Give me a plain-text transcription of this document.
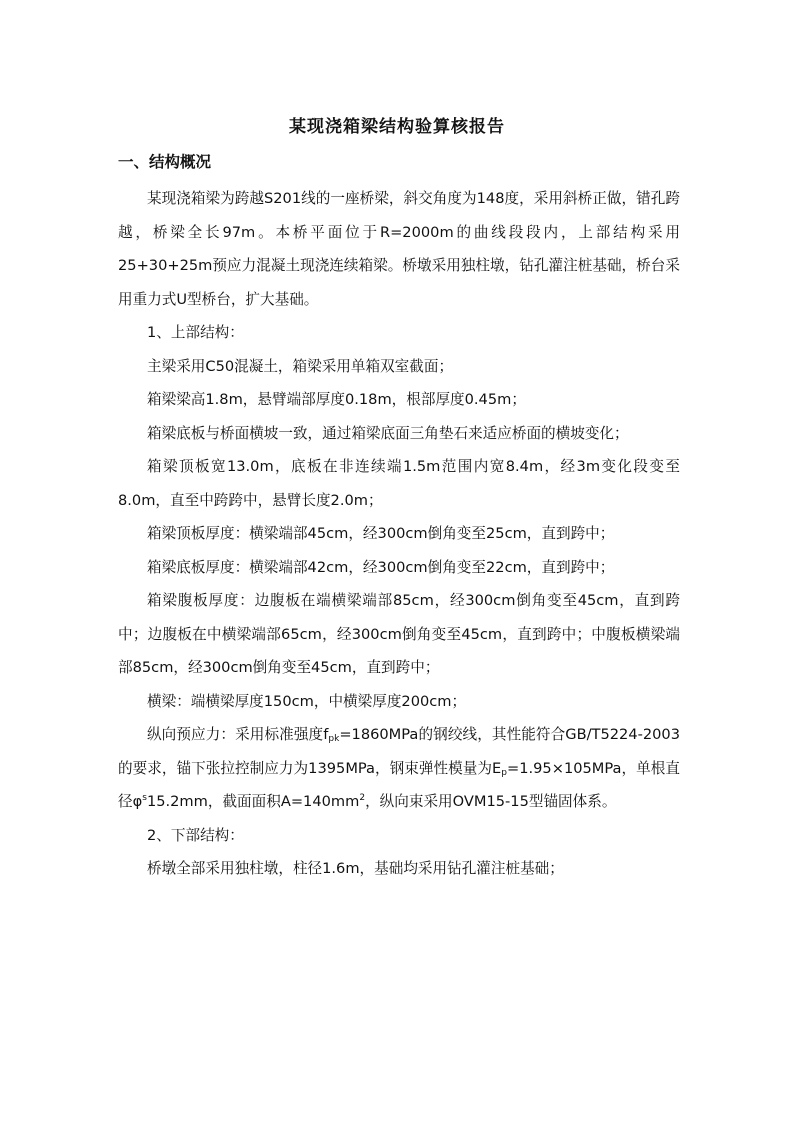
某现浇箱梁结构验算核报告
一、结构概况

某现浇箱梁为跨越S201线的一座桥梁，斜交角度为148度，采用斜桥正做，错孔跨越，桥梁全长97m。本桥平面位于R=2000m的曲线段段内，上部结构采用25+30+25m预应力混凝土现浇连续箱梁。桥墩采用独柱墩，钻孔灌注桩基础，桥台采用重力式U型桥台，扩大基础。

1、上部结构：

主梁采用C50混凝土，箱梁采用单箱双室截面；

箱梁梁高1.8m，悬臂端部厚度0.18m，根部厚度0.45m；

箱梁底板与桥面横坡一致，通过箱梁底面三角垫石来适应桥面的横坡变化；

箱梁顶板宽13.0m，底板在非连续端1.5m范围内宽8.4m，经3m变化段变至8.0m，直至中跨跨中，悬臂长度2.0m；

箱梁顶板厚度：横梁端部45cm，经300cm倒角变至25cm，直到跨中；

箱梁底板厚度：横梁端部42cm，经300cm倒角变至22cm，直到跨中；

箱梁腹板厚度：边腹板在端横梁端部85cm，经300cm倒角变至45cm，直到跨中；边腹板在中横梁端部65cm，经300cm倒角变至45cm，直到跨中；中腹板横梁端部85cm，经300cm倒角变至45cm，直到跨中；

横梁：端横梁厚度150cm，中横梁厚度200cm；

纵向预应力：采用标准强度$f_{pk}=1860MPa$的钢绞线，其性能符合GB/T5224-2003的要求，锚下张拉控制应力为1395MPa，钢束弹性模量为$E_p=1.95\times 105MPa$，单根直径$\varphi^s15.2mm$，截面面积$A=140mm^2$，纵向束采用OVM15-15型锚固体系。

2、下部结构：

桥墩全部采用独柱墩，柱径1.6m，基础均采用钻孔灌注桩基础；
